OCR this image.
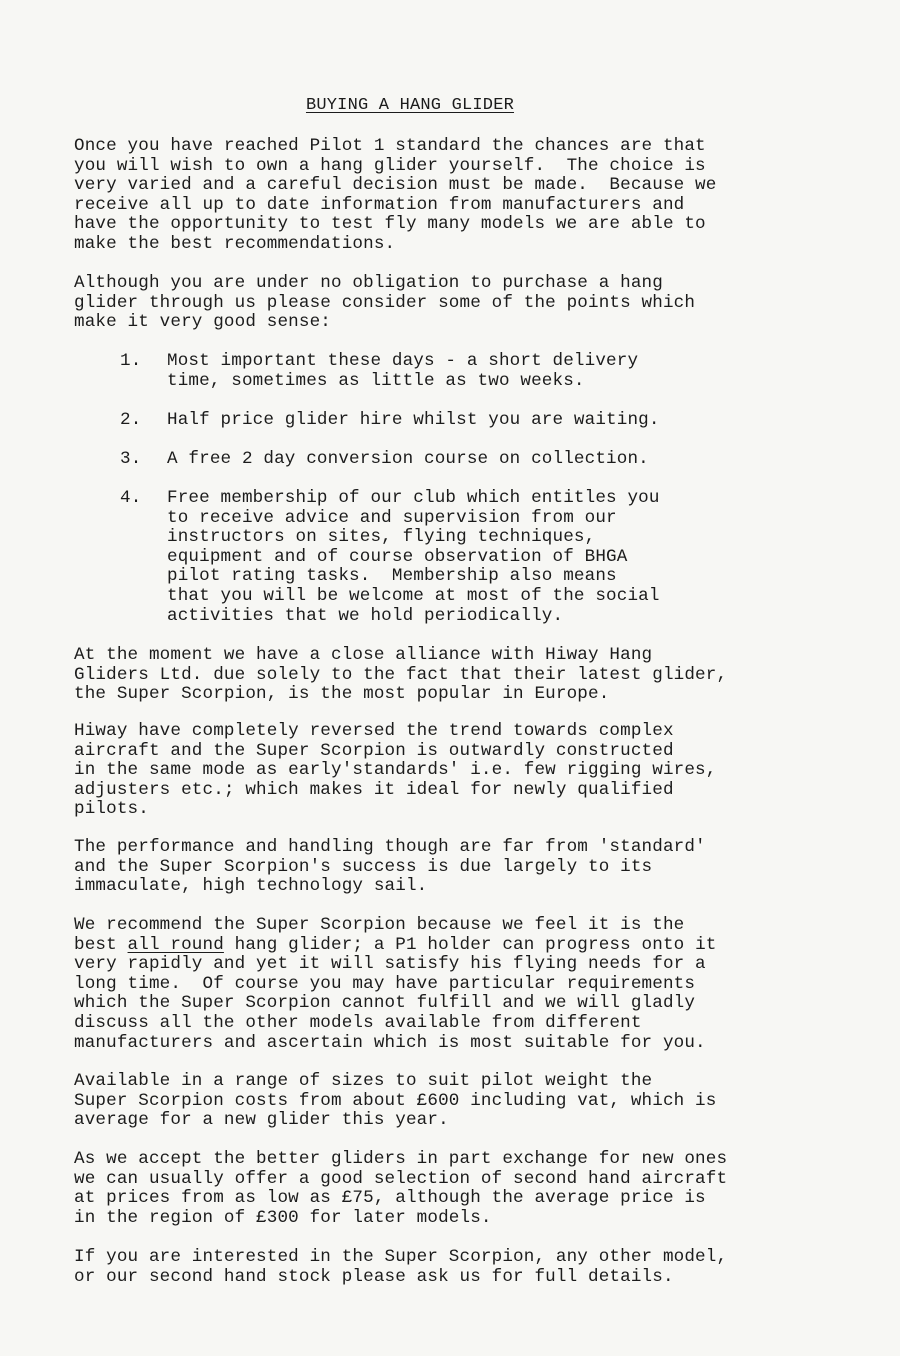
BUYING A HANG GLIDER

Once you have reached Pilot 1 standard the chances are that
you will wish to own a hang glider yourself.  The choice is
very varied and a careful decision must be made.  Because we
receive all up to date information from manufacturers and
have the opportunity to test fly many models we are able to
make the best recommendations.

Although you are under no obligation to purchase a hang
glider through us please consider some of the points which
make it very good sense:

1. Most important these days - a short delivery
time, sometimes as little as two weeks.
2. Half price glider hire whilst you are waiting.
3. A free 2 day conversion course on collection.
4. Free membership of our club which entitles you
to receive advice and supervision from our
instructors on sites, flying techniques,
equipment and of course observation of BHGA
pilot rating tasks.  Membership also means
that you will be welcome at most of the social
activities that we hold periodically.

At the moment we have a close alliance with Hiway Hang
Gliders Ltd. due solely to the fact that their latest glider,
the Super Scorpion, is the most popular in Europe.

Hiway have completely reversed the trend towards complex
aircraft and the Super Scorpion is outwardly constructed
in the same mode as early'standards' i.e. few rigging wires,
adjusters etc.; which makes it ideal for newly qualified
pilots.

The performance and handling though are far from 'standard'
and the Super Scorpion's success is due largely to its
immaculate, high technology sail.

We recommend the Super Scorpion because we feel it is the
best all round hang glider; a P1 holder can progress onto it
very rapidly and yet it will satisfy his flying needs for a
long time.  Of course you may have particular requirements
which the Super Scorpion cannot fulfill and we will gladly
discuss all the other models available from different
manufacturers and ascertain which is most suitable for you.

Available in a range of sizes to suit pilot weight the
Super Scorpion costs from about £600 including vat, which is
average for a new glider this year.

As we accept the better gliders in part exchange for new ones
we can usually offer a good selection of second hand aircraft
at prices from as low as £75, although the average price is
in the region of £300 for later models.

If you are interested in the Super Scorpion, any other model,
or our second hand stock please ask us for full details.
